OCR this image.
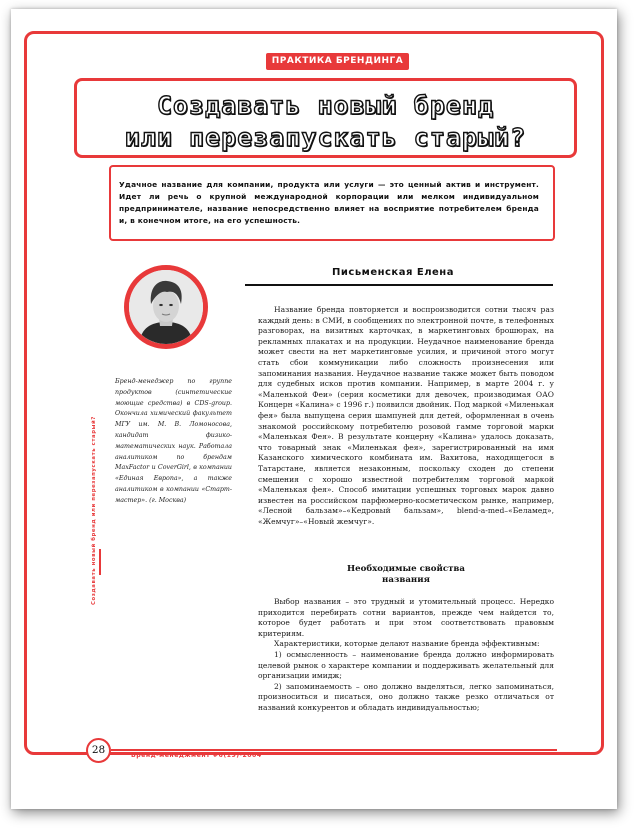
ПРАКТИКА БРЕНДИНГА
Создавать новый бренд
или перезапускать старый?
Удачное название для компании, продукта или услуги — это ценный актив и инструмент. Идет ли речь о крупной международной корпорации или мелком индивидуальном предпринимателе, название непосредственно влияет на восприятие потребителем бренда и, в конечном итоге, на его успешность.
Письменская Елена
Бренд-менеджер по группе продуктов (синтетические моющие средства) в CDS-group. Окончила химический факультет МГУ им. М. В. Ломоносова, кандидат физико-математических наук. Работала аналитиком по брендам MaxFactor и CoverGirl, в компании «Единая Европа», а также аналитиком в компании «Старт-мастер». (г. Москва)

Название бренда повторяется и воспроизводится сотни тысяч раз каждый день: в СМИ, в сообщениях по электронной почте, в телефонных разговорах, на визитных карточках, в маркетинговых брошюрах, на рекламных плакатах и на продукции. Неудачное наименование бренда может свести на нет маркетинговые усилия, и причиной этого могут стать сбои коммуникации либо сложность произнесения или запоминания названия. Неудачное название также может быть поводом для судебных исков против компании. Например, в марте 2004 г. у «Маленькой Феи» (серия косметики для девочек, производимая ОАО Концерн «Калина» с 1996 г.) появился двойник. Под маркой «Миленькая фея» была выпущена серия шампуней для детей, оформленная в очень знакомой российскому потребителю розовой гамме торговой марки «Маленькая Фея». В результате концерну «Калина» удалось доказать, что товарный знак «Миленькая фея», зарегистрированный на имя Казанского химического комбината им. Вахитова, находящегося в Татарстане, является незаконным, поскольку сходен до степени смешения с хорошо известной потребителям торговой маркой «Маленькая фея». Способ имитации успешных торговых марок давно известен на российском парфюмерно-косметическом рынке, например, «Лесной бальзам»–«Кедровый бальзам», blend-a-med–«Беламед», «Жемчуг»–«Новый жемчуг».

Необходимые свойства
названия

Выбор названия – это трудный и утомительный процесс. Нередко приходится перебирать сотни вариантов, прежде чем найдется то, которое будет работать и при этом соответствовать правовым критериям.

Характеристики, которые делают название бренда эффективным:

1) осмысленность – наименование бренда должно информировать целевой рынок о характере компании и поддерживать желательный для организации имидж;

2) запоминаемость – оно должно выделяться, легко запоминаться, произноситься и писаться, оно должно также резко отличаться от названий конкурентов и обладать индивидуальностью;

Создавать новый бренд или перезапускать старый?
28	Бренд-менеджмент #6(19)·2004
